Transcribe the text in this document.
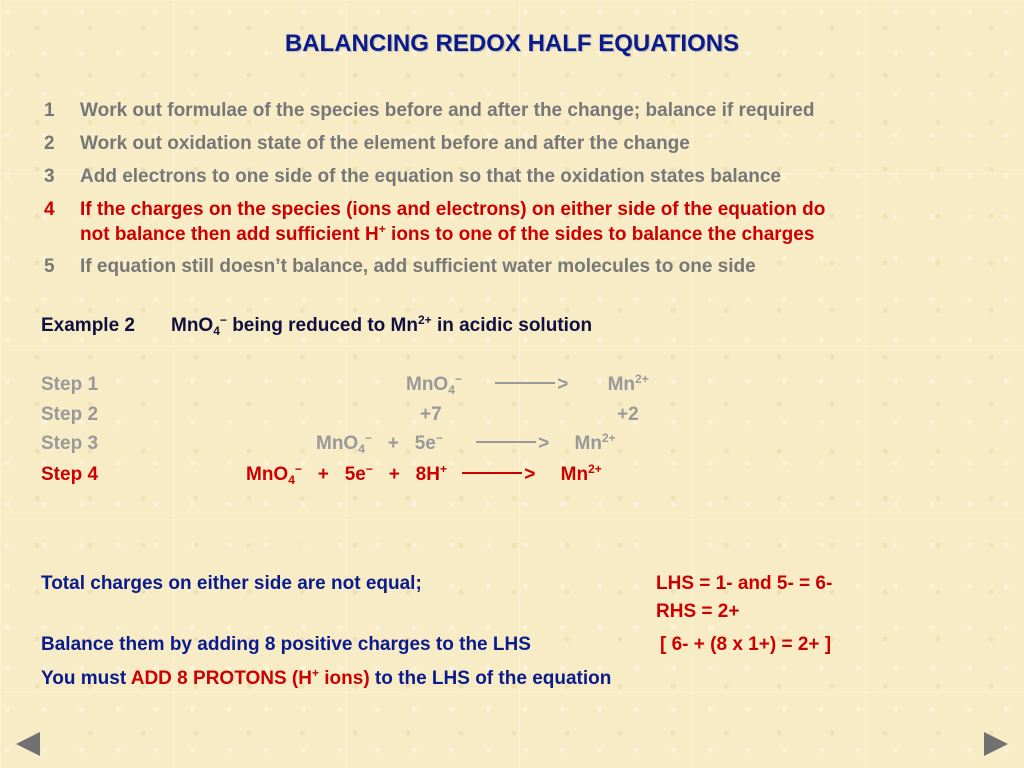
BALANCING REDOX HALF EQUATIONS
1 Work out formulae of the species before and after the change; balance if required
2 Work out oxidation state of the element before and after the change
3 Add electrons to one side of the equation so that the oxidation states balance
4 If the charges on the species (ions and electrons) on either side of the equation do
not balance then add sufficient H+ ions to one of the sides to balance the charges
5 If equation still doesn’t balance, add sufficient water molecules to one side
Example 2 MnO$_4$− being reduced to $Mn^{2+}$ in acidic solution
Step 1	MnO$_4$−	> $Mn^{2+}$
Step 2	+7	+2
Step 3	MnO$_4$− + 5e−	> $Mn^{2+}$
Step 4	MnO$_4$− + 5e− + 8H+	> $Mn^{2+}$
Total charges on either side are not equal;	LHS = 1- and 5- = 6-
RHS = 2+
Balance them by adding 8 positive charges to the LHS	[ 6- + (8 x 1+) = 2+ ]
You must ADD 8 PROTONS (H+ ions) to the LHS of the equation
